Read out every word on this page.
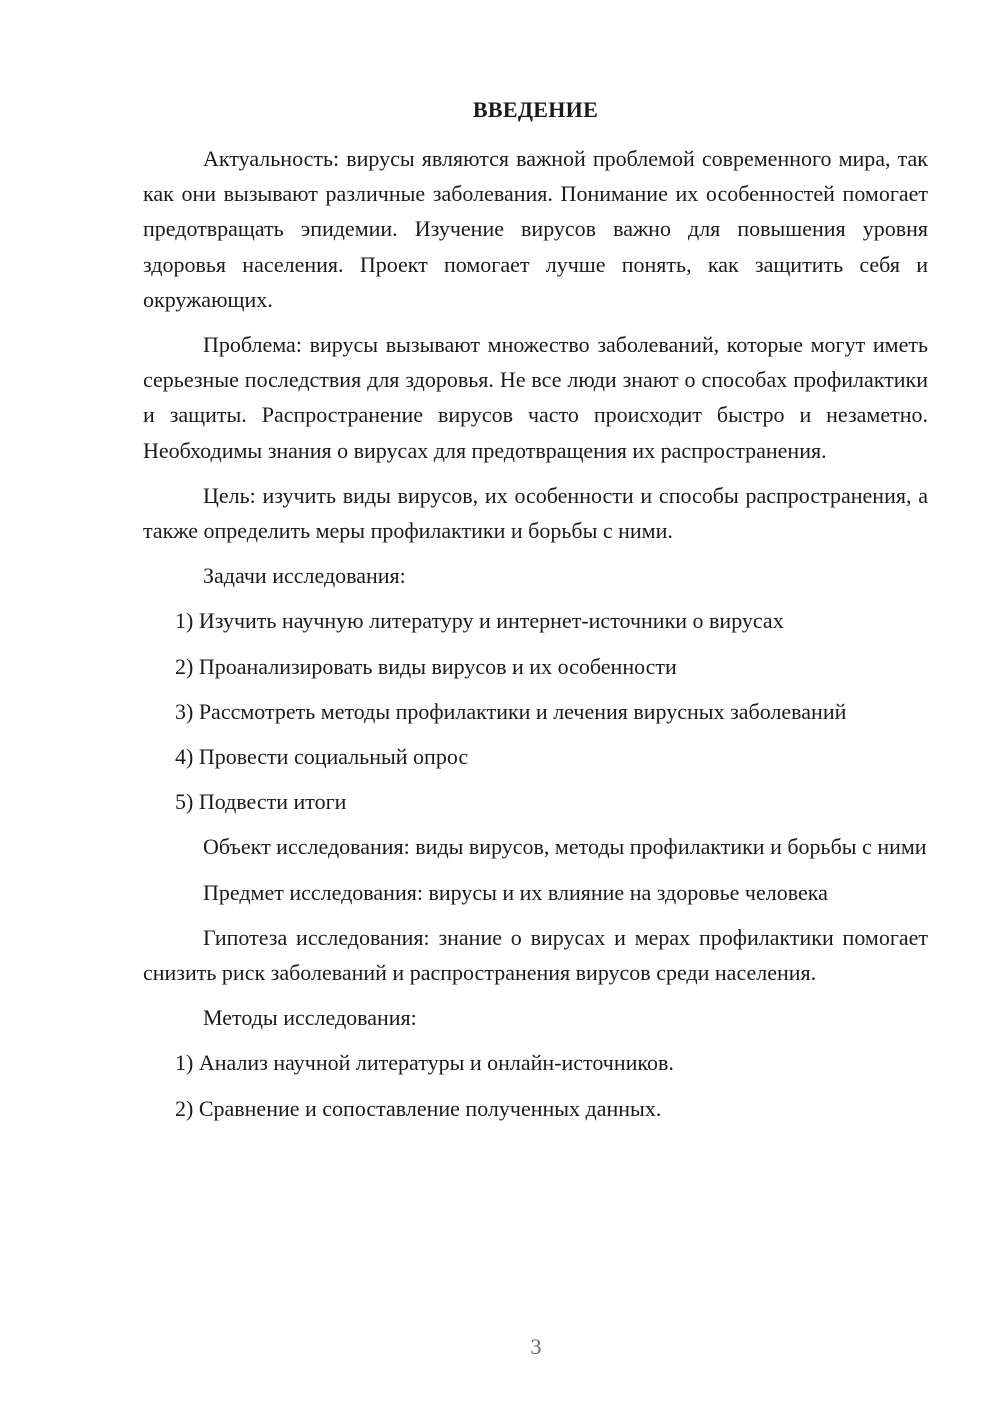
ВВЕДЕНИЕ

Актуальность: вирусы являются важной проблемой современного мира, так как они вызывают различные заболевания. Понимание их особенностей помогает предотвращать эпидемии. Изучение вирусов важно для повышения уровня здоровья населения. Проект помогает лучше понять, как защитить себя и окружающих.

Проблема: вирусы вызывают множество заболеваний, которые могут иметь серьезные последствия для здоровья. Не все люди знают о способах профилактики и защиты. Распространение вирусов часто происходит быстро и незаметно. Необходимы знания о вирусах для предотвращения их распространения.

Цель: изучить виды вирусов, их особенности и способы распространения, а также определить меры профилактики и борьбы с ними.

Задачи исследования:

1) Изучить научную литературу и интернет-источники о вирусах

2) Проанализировать виды вирусов и их особенности

3) Рассмотреть методы профилактики и лечения вирусных заболеваний

4) Провести социальный опрос

5) Подвести итоги

Объект исследования: виды вирусов, методы профилактики и борьбы с ними

Предмет исследования: вирусы и их влияние на здоровье человека

Гипотеза исследования: знание о вирусах и мерах профилактики помогает снизить риск заболеваний и распространения вирусов среди населения.

Методы исследования:

1) Анализ научной литературы и онлайн-источников.

2) Сравнение и сопоставление полученных данных.

3
